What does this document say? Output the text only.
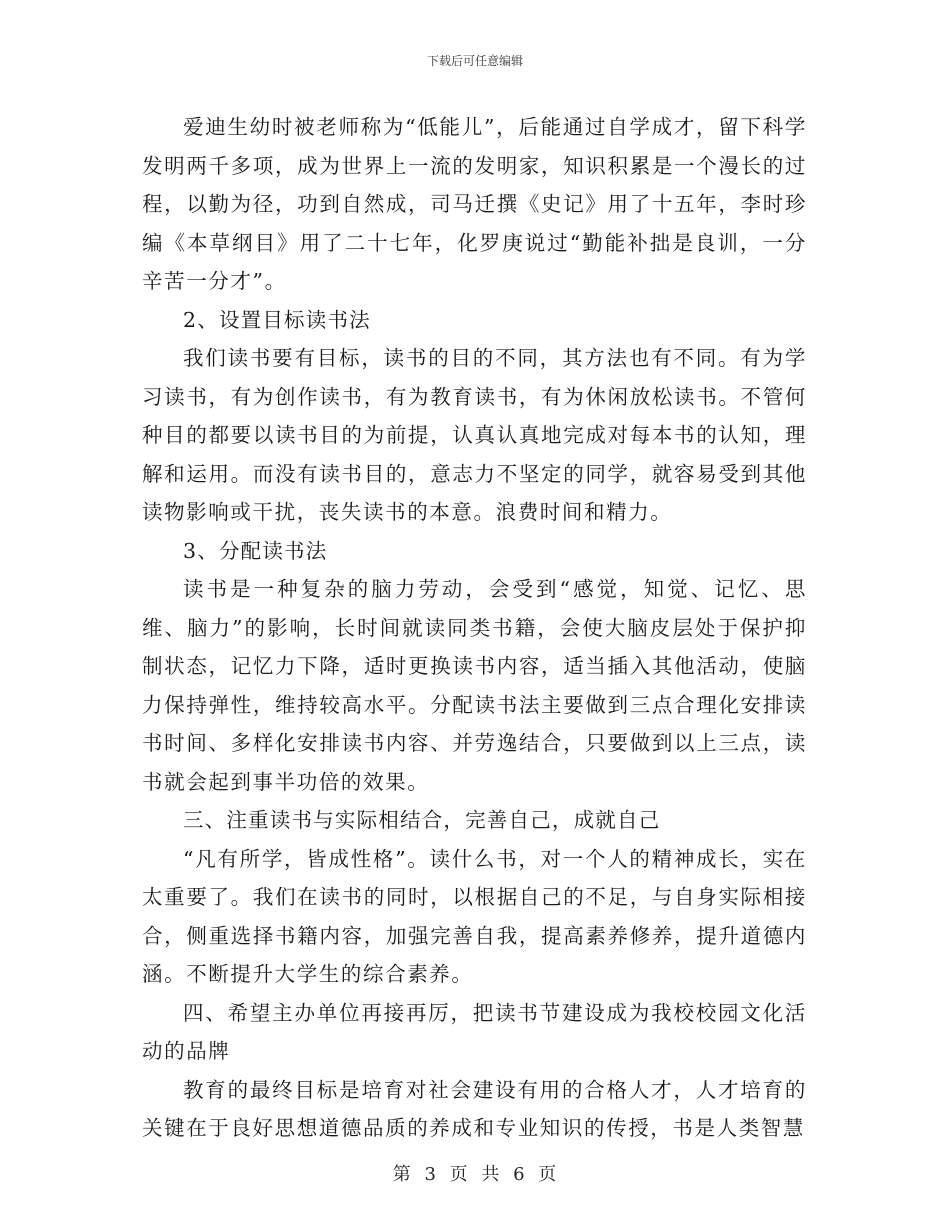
下载后可任意编辑

爱迪生幼时被老师称为“低能儿”，后能通过自学成才，留下科学发明两千多项，成为世界上一流的发明家，知识积累是一个漫长的过程，以勤为径，功到自然成，司马迁撰《史记》用了十五年，李时珍编《本草纲目》用了二十七年，化罗庚说过“勤能补拙是良训，一分辛苦一分才”。

2、设置目标读书法

我们读书要有目标，读书的目的不同，其方法也有不同。有为学习读书，有为创作读书，有为教育读书，有为休闲放松读书。不管何种目的都要以读书目的为前提，认真认真地完成对每本书的认知，理解和运用。而没有读书目的，意志力不坚定的同学，就容易受到其他读物影响或干扰，丧失读书的本意。浪费时间和精力。

3、分配读书法

读书是一种复杂的脑力劳动，会受到“感觉，知觉、记忆、思维、脑力”的影响，长时间就读同类书籍，会使大脑皮层处于保护抑制状态，记忆力下降，适时更换读书内容，适当插入其他活动，使脑力保持弹性，维持较高水平。分配读书法主要做到三点合理化安排读书时间、多样化安排读书内容、并劳逸结合，只要做到以上三点，读书就会起到事半功倍的效果。

三、注重读书与实际相结合，完善自己，成就自己

“凡有所学，皆成性格”。读什么书，对一个人的精神成长，实在太重要了。我们在读书的同时，以根据自己的不足，与自身实际相接合，侧重选择书籍内容，加强完善自我，提高素养修养，提升道德内涵。不断提升大学生的综合素养。

四、希望主办单位再接再厉，把读书节建设成为我校校园文化活动的品牌

教育的最终目标是培育对社会建设有用的合格人才，人才培育的关键在于良好思想道德品质的养成和专业知识的传授，书是人类智慧

第 3 页 共 6 页
